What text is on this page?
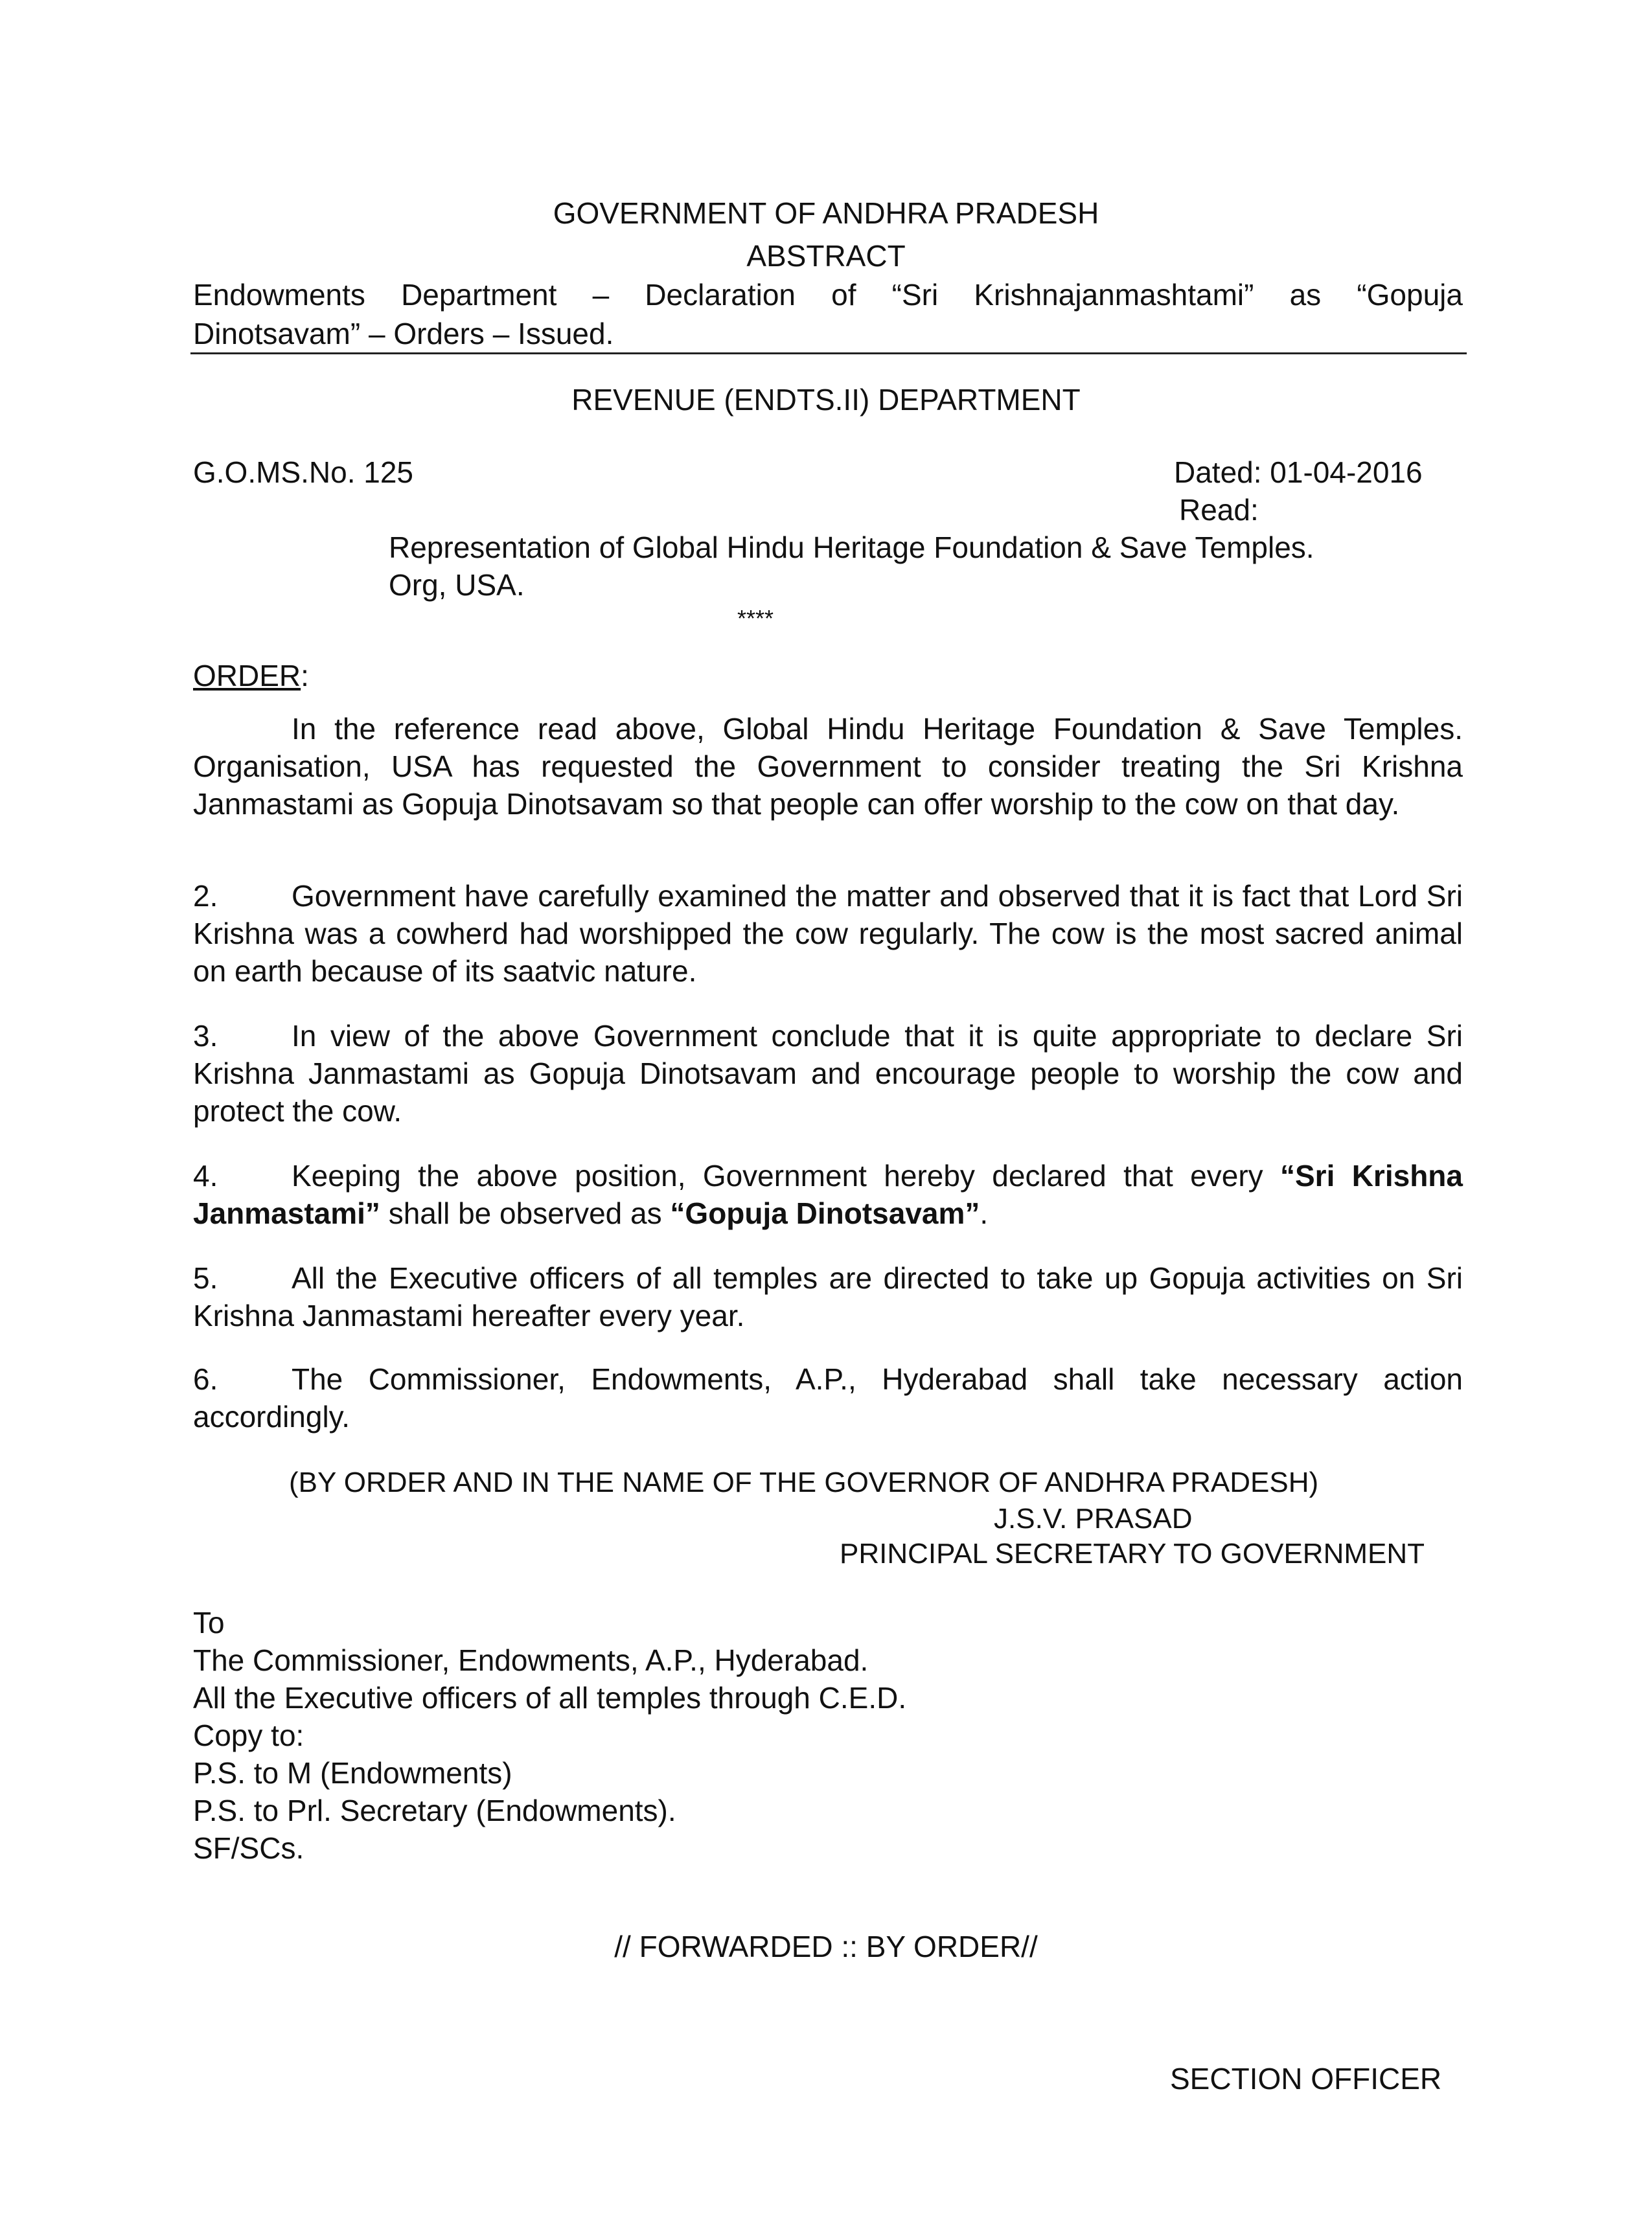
GOVERNMENT OF ANDHRA PRADESH
ABSTRACT
Endowments Department – Declaration of “Sri Krishnajanmashtami” as “Gopuja
Dinotsavam” – Orders – Issued.
REVENUE (ENDTS.II) DEPARTMENT
G.O.MS.No. 125	Dated: 01-04-2016
Read:
Representation of Global Hindu Heritage Foundation & Save Temples.
Org, USA.
****
ORDER:
In the reference read above, Global Hindu Heritage Foundation & Save Temples. Organisation, USA has requested the Government to consider treating the Sri Krishna Janmastami as Gopuja Dinotsavam so that people can offer worship to the cow on that day.
2. Government have carefully examined the matter and observed that it is fact that Lord Sri Krishna was a cowherd had worshipped the cow regularly. The cow is the most sacred animal on earth because of its saatvic nature.
3. In view of the above Government conclude that it is quite appropriate to declare Sri Krishna Janmastami as Gopuja Dinotsavam and encourage people to worship the cow and protect the cow.
4. Keeping the above position, Government hereby declared that every “Sri Krishna Janmastami” shall be observed as “Gopuja Dinotsavam”.
5. All the Executive officers of all temples are directed to take up Gopuja activities on Sri Krishna Janmastami hereafter every year.
6. The Commissioner, Endowments, A.P., Hyderabad shall take necessary action accordingly.
(BY ORDER AND IN THE NAME OF THE GOVERNOR OF ANDHRA PRADESH)
J.S.V. PRASAD
PRINCIPAL SECRETARY TO GOVERNMENT
To
The Commissioner, Endowments, A.P., Hyderabad.
All the Executive officers of all temples through C.E.D.
Copy to:
P.S. to M (Endowments)
P.S. to Prl. Secretary (Endowments).
SF/SCs.
// FORWARDED :: BY ORDER//
SECTION OFFICER
